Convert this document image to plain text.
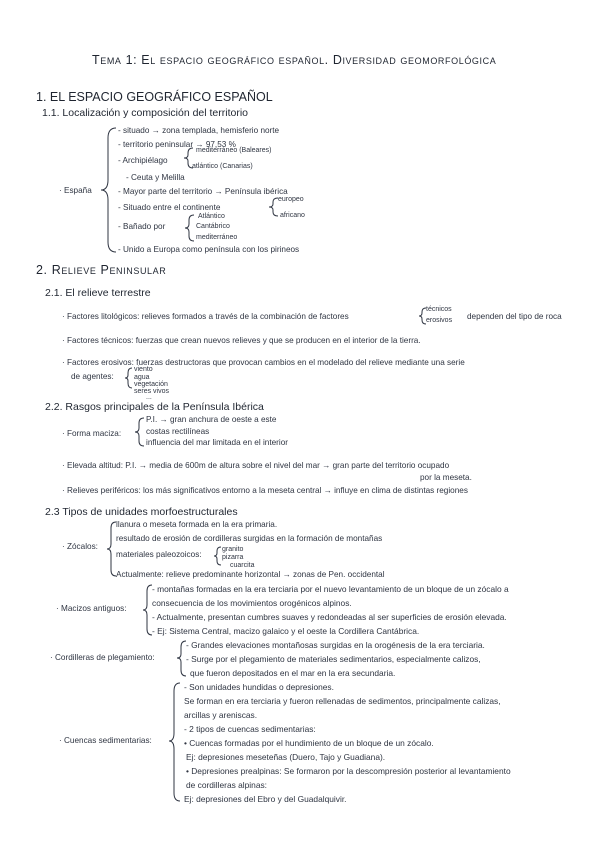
Tema 1: El espacio geográfico español. Diversidad geomorfológica
1. EL ESPACIO GEOGRÁFICO ESPAÑOL
1.1. Localización y composición del territorio
· España
- situado → zona templada, hemisferio norte
- territorio peninsular → 97,53 %
mediterráneo (Baleares)
- Archipiélago
atlántico (Canarias)
- Ceuta y Melilla
- Mayor parte del territorio → Península ibérica
europeo
- Situado entre el continente
africano
Atlántico
- Bañado por	Cantábrico
mediterráneo
- Unido a Europa como península con los pirineos
2. Relieve Peninsular
2.1. El relieve terrestre
· Factores litológicos: relieves formados a través de la combinación de factores
técnicos
erosivos dependen del tipo de roca
· Factores técnicos: fuerzas que crean nuevos relieves y que se producen en el interior de la tierra.
· Factores erosivos: fuerzas destructoras que provocan cambios en el modelado del relieve mediante una serie
de agentes:
viento
agua
vegetación
seres vivos
...
2.2. Rasgos principales de la Península Ibérica
· Forma maciza:
P.I. → gran anchura de oeste a este
costas rectilíneas
influencia del mar limitada en el interior
· Elevada altitud: P.I. → media de 600m de altura sobre el nivel del mar → gran parte del territorio ocupado
por la meseta.
· Relieves periféricos: los más significativos entorno a la meseta central → influye en clima de distintas regiones
2.3 Tipos de unidades morfoestructurales
· Zócalos:
llanura o meseta formada en la era primaria.
resultado de erosión de cordilleras surgidas en la formación de montañas
materiales paleozoicos:
granito
pizarra
cuarcita
Actualmente: relieve predominante horizontal → zonas de Pen. occidental
· Macizos antiguos:
- montañas formadas en la era terciaria por el nuevo levantamiento de un bloque de un zócalo a
consecuencia de los movimientos orogénicos alpinos.
- Actualmente, presentan cumbres suaves y redondeadas al ser superficies de erosión elevada.
- Ej: Sistema Central, macizo galaico y el oeste la Cordillera Cantábrica.
· Cordilleras de plegamiento:
- Grandes elevaciones montañosas surgidas en la orogénesis de la era terciaria.
- Surge por el plegamiento de materiales sedimentarios, especialmente calizos,
que fueron depositados en el mar en la era secundaria.
· Cuencas sedimentarias:
- Son unidades hundidas o depresiones.
Se forman en era terciaria y fueron rellenadas de sedimentos, principalmente calizas,
arcillas y areniscas.
- 2 tipos de cuencas sedimentarias:
• Cuencas formadas por el hundimiento de un bloque de un zócalo.
Ej: depresiones meseteñas (Duero, Tajo y Guadiana).
• Depresiones prealpinas: Se formaron por la descompresión posterior al levantamiento
de cordilleras alpinas:
Ej: depresiones del Ebro y del Guadalquivir.
